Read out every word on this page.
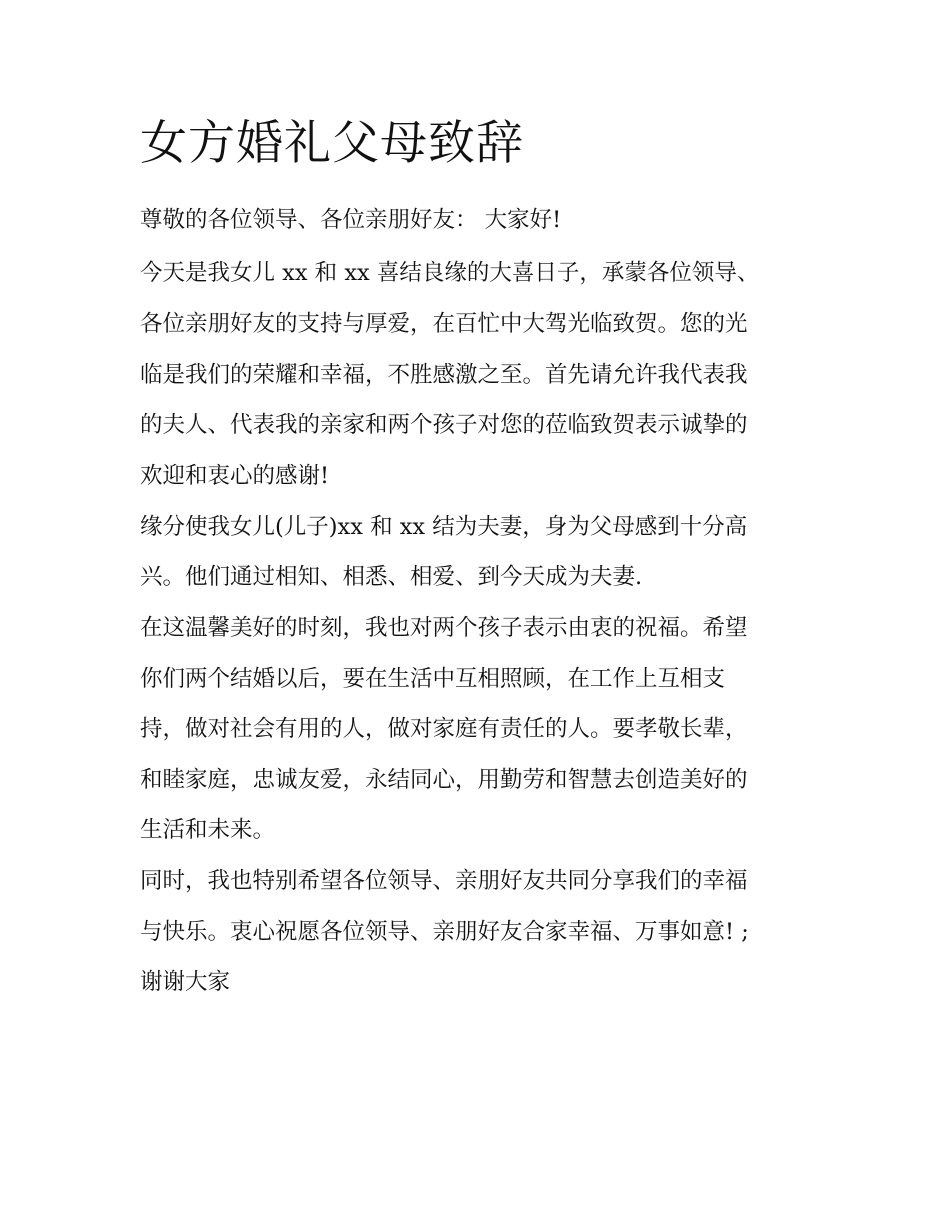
女方婚礼父母致辞

尊敬的各位领导、各位亲朋好友： 大家好!

今天是我女儿 xx 和 xx 喜结良缘的大喜日子，承蒙各位领导、

各位亲朋好友的支持与厚爱，在百忙中大驾光临致贺。您的光

临是我们的荣耀和幸福，不胜感激之至。首先请允许我代表我

的夫人、代表我的亲家和两个孩子对您的莅临致贺表示诚挚的

欢迎和衷心的感谢!

缘分使我女儿(儿子)xx 和 xx 结为夫妻，身为父母感到十分高

兴。他们通过相知、相悉、相爱、到今天成为夫妻.

在这温馨美好的时刻，我也对两个孩子表示由衷的祝福。希望

你们两个结婚以后，要在生活中互相照顾，在工作上互相支

持，做对社会有用的人，做对家庭有责任的人。要孝敬长辈，

和睦家庭，忠诚友爱，永结同心，用勤劳和智慧去创造美好的

生活和未来。

同时，我也特别希望各位领导、亲朋好友共同分享我们的幸福

与快乐。衷心祝愿各位领导、亲朋好友合家幸福、万事如意! ;

谢谢大家
